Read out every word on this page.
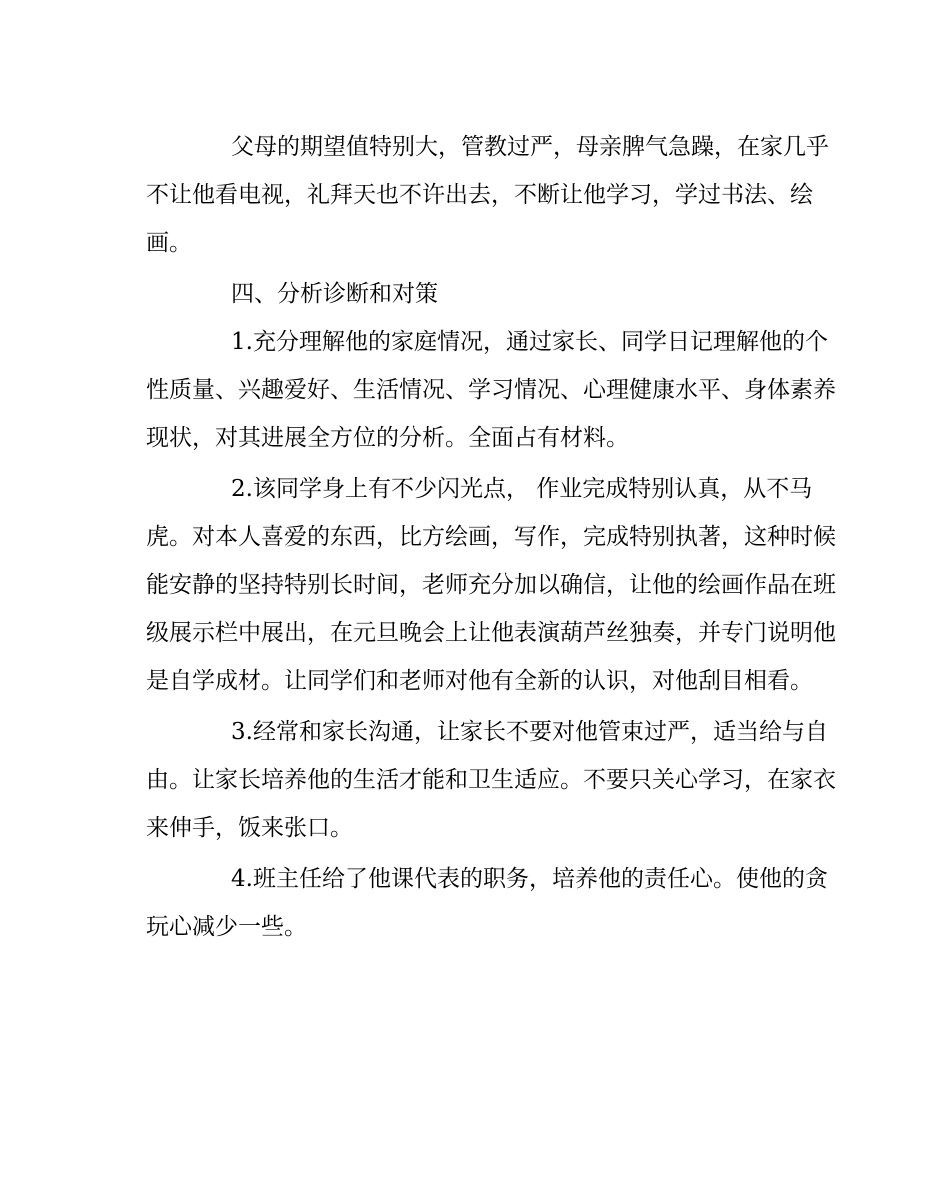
父母的期望值特别大，管教过严，母亲脾气急躁，在家几乎

不让他看电视，礼拜天也不许出去，不断让他学习，学过书法、绘

画。

四、分析诊断和对策

1.充分理解他的家庭情况，通过家长、同学日记理解他的个

性质量、兴趣爱好、生活情况、学习情况、心理健康水平、身体素养

现状，对其进展全方位的分析。全面占有材料。

2.该同学身上有不少闪光点， 作业完成特别认真，从不马

虎。对本人喜爱的东西，比方绘画，写作，完成特别执著，这种时候

能安静的坚持特别长时间，老师充分加以确信，让他的绘画作品在班

级展示栏中展出，在元旦晚会上让他表演葫芦丝独奏，并专门说明他

是自学成材。让同学们和老师对他有全新的认识，对他刮目相看。

3.经常和家长沟通，让家长不要对他管束过严，适当给与自

由。让家长培养他的生活才能和卫生适应。不要只关心学习，在家衣

来伸手，饭来张口。

4.班主任给了他课代表的职务，培养他的责任心。使他的贪

玩心减少一些。
